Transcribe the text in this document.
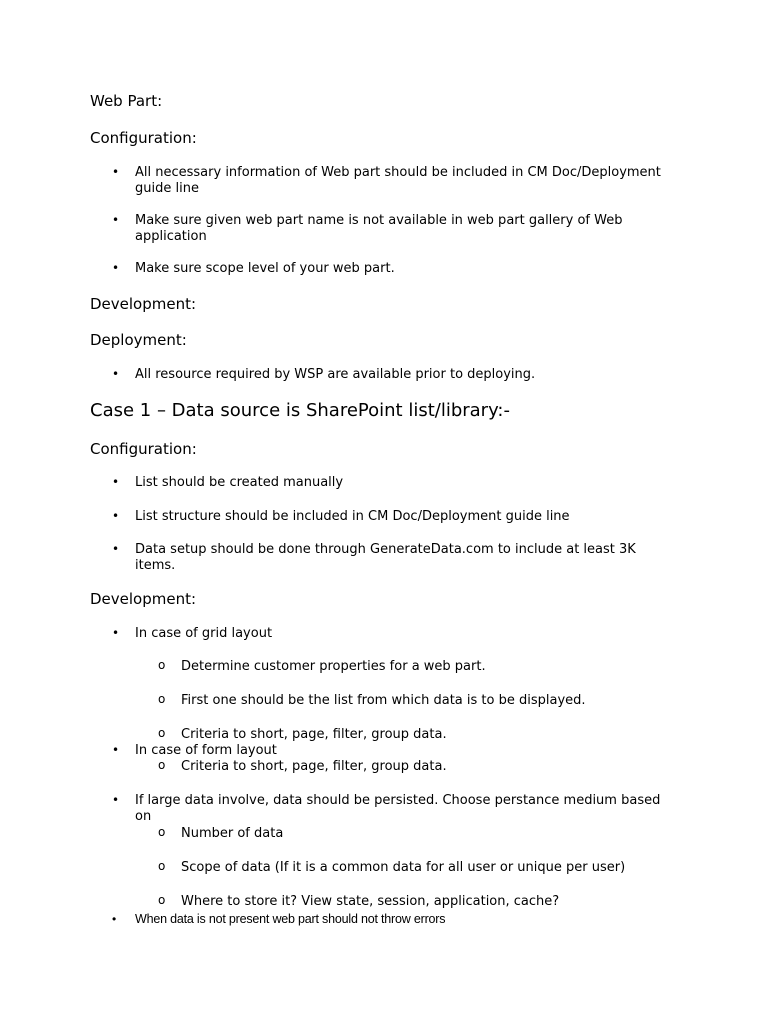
Web Part:
Configuration:
• All necessary information of Web part should be included in CM Doc/Deployment guide line
• Make sure given web part name is not available in web part gallery of Web application
• Make sure scope level of your web part.
Development:
Deployment:
• All resource required by WSP are available prior to deploying.
Case 1 – Data source is SharePoint list/library:-
Configuration:
• List should be created manually
• List structure should be included in CM Doc/Deployment guide line
• Data setup should be done through GenerateData.com to include at least 3K items.
Development:
• In case of grid layout
o Determine customer properties for a web part.
o First one should be the list from which data is to be displayed.
o Criteria to short, page, filter, group data.
• In case of form layout
o Criteria to short, page, filter, group data.
• If large data involve, data should be persisted. Choose perstance medium based on
o Number of data
o Scope of data (If it is a common data for all user or unique per user)
o Where to store it? View state, session, application, cache?
• When data is not present web part should not throw errors
